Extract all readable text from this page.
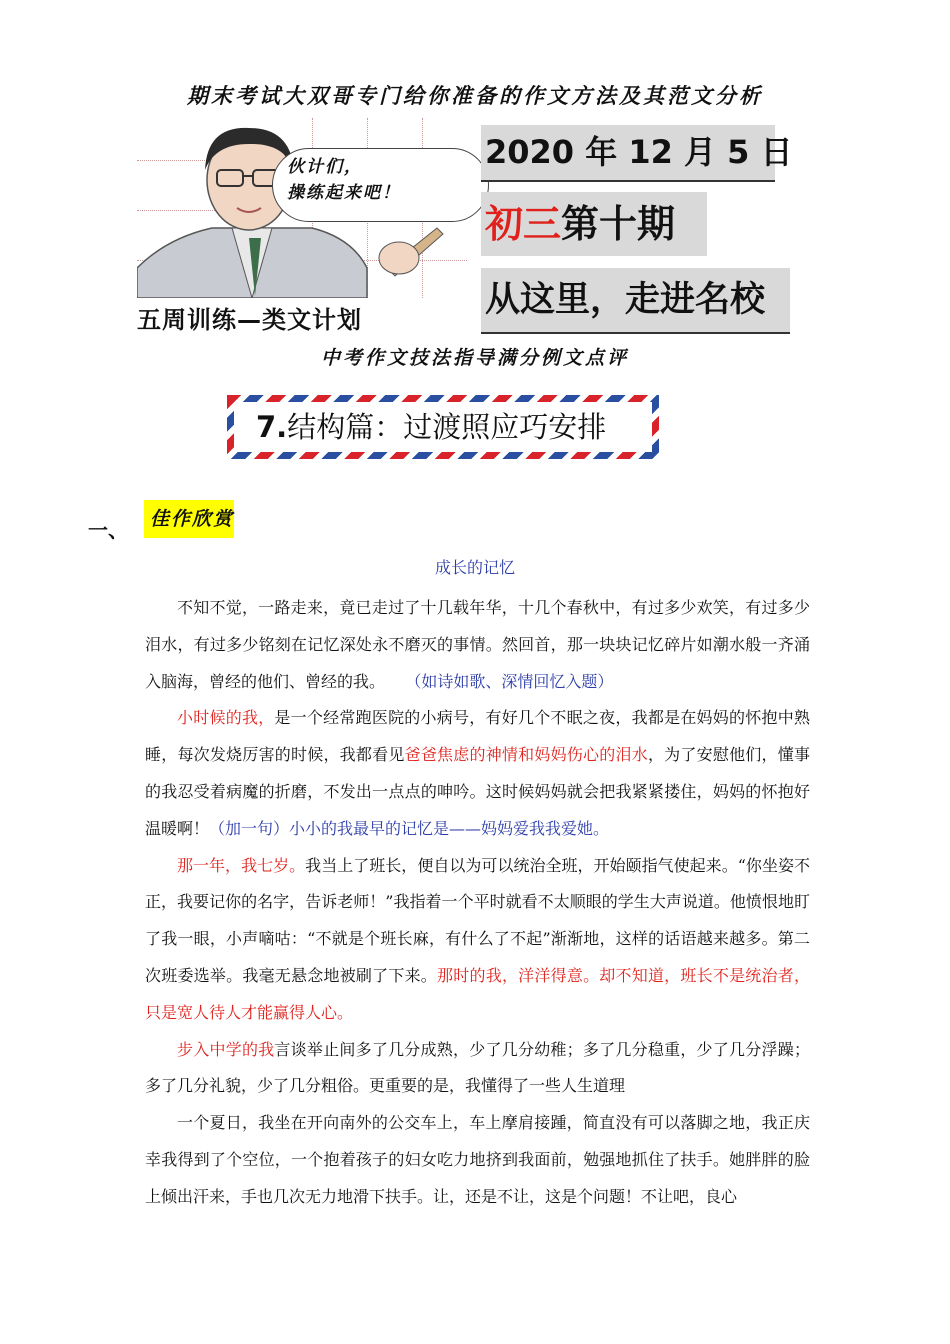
期末考试大双哥专门给你准备的作文方法及其范文分析
伙计们，
操练起来吧！
五周训练—类文计划
2020 年 12 月 5 日
初三第十期
从这里，走进名校
中考作文技法指导满分例文点评
7.结构篇：过渡照应巧安排
一、	佳作欣赏
成长的记忆

不知不觉，一路走来，竟已走过了十几载年华，十几个春秋中，有过多少欢笑，有过多少泪水，有过多少铭刻在记忆深处永不磨灭的事情。然回首，那一块块记忆碎片如潮水般一齐涌入脑海，曾经的他们、曾经的我。 （如诗如歌、深情回忆入题）

小时候的我，是一个经常跑医院的小病号，有好几个不眠之夜，我都是在妈妈的怀抱中熟睡，每次发烧厉害的时候，我都看见爸爸焦虑的神情和妈妈伤心的泪水，为了安慰他们，懂事的我忍受着病魔的折磨，不发出一点点的呻吟。这时候妈妈就会把我紧紧搂住，妈妈的怀抱好温暖啊！（加一句）小小的我最早的记忆是——妈妈爱我我爱她。

那一年，我七岁。我当上了班长，便自以为可以统治全班，开始颐指气使起来。“你坐姿不正，我要记你的名字，告诉老师！”我指着一个平时就看不太顺眼的学生大声说道。他愤恨地盯了我一眼，小声嘀咕：“不就是个班长麻，有什么了不起”渐渐地，这样的话语越来越多。第二次班委选举。我毫无悬念地被刷了下来。那时的我，洋洋得意。却不知道，班长不是统治者，只是宽人待人才能赢得人心。

步入中学的我言谈举止间多了几分成熟，少了几分幼稚；多了几分稳重，少了几分浮躁；多了几分礼貌，少了几分粗俗。更重要的是，我懂得了一些人生道理

一个夏日，我坐在开向南外的公交车上，车上摩肩接踵，简直没有可以落脚之地，我正庆幸我得到了个空位，一个抱着孩子的妇女吃力地挤到我面前，勉强地抓住了扶手。她胖胖的脸上倾出汗来，手也几次无力地滑下扶手。让，还是不让，这是个问题！不让吧，良心
